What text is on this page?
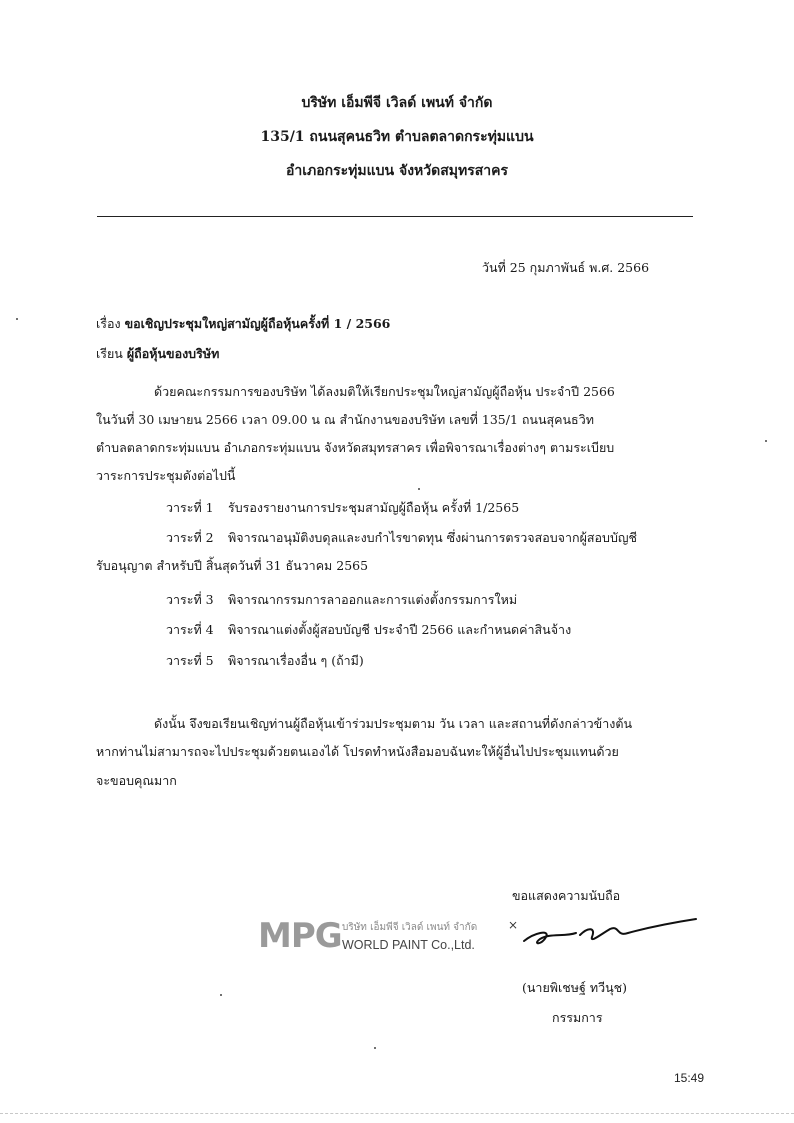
บริษัท เอ็มพีจี เวิลด์ เพนท์ จำกัด
135/1 ถนนสุคนธวิท ตำบลตลาดกระทุ่มแบน
อำเภอกระทุ่มแบน จังหวัดสมุทรสาคร
วันที่ 25 กุมภาพันธ์ พ.ศ. 2566
เรื่อง ขอเชิญประชุมใหญ่สามัญผู้ถือหุ้นครั้งที่ 1 / 2566
เรียน ผู้ถือหุ้นของบริษัท
ด้วยคณะกรรมการของบริษัท ได้ลงมติให้เรียกประชุมใหญ่สามัญผู้ถือหุ้น ประจำปี 2566
ในวันที่ 30 เมษายน 2566 เวลา 09.00 น ณ สำนักงานของบริษัท เลขที่ 135/1 ถนนสุคนธวิท
ตำบลตลาดกระทุ่มแบน อำเภอกระทุ่มแบน จังหวัดสมุทรสาคร เพื่อพิจารณาเรื่องต่างๆ ตามระเบียบ
วาระการประชุมดังต่อไปนี้
วาระที่ 1 รับรองรายงานการประชุมสามัญผู้ถือหุ้น ครั้งที่ 1/2565
วาระที่ 2 พิจารณาอนุมัติงบดุลและงบกำไรขาดทุน ซึ่งผ่านการตรวจสอบจากผู้สอบบัญชี
รับอนุญาต สำหรับปี สิ้นสุดวันที่ 31 ธันวาคม 2565
วาระที่ 3 พิจารณากรรมการลาออกและการแต่งตั้งกรรมการใหม่
วาระที่ 4 พิจารณาแต่งตั้งผู้สอบบัญชี ประจำปี 2566 และกำหนดค่าสินจ้าง
วาระที่ 5 พิจารณาเรื่องอื่น ๆ (ถ้ามี)
ดังนั้น จึงขอเรียนเชิญท่านผู้ถือหุ้นเข้าร่วมประชุมตาม วัน เวลา และสถานที่ดังกล่าวข้างต้น
หากท่านไม่สามารถจะไปประชุมด้วยตนเองได้ โปรดทำหนังสือมอบฉันทะให้ผู้อื่นไปประชุมแทนด้วย
จะขอบคุณมาก
ขอแสดงความนับถือ
MPG บริษัท เอ็มพีจี เวิลด์ เพนท์ จำกัด
WORLD PAINT Co.,Ltd.
×
(นายพิเชษฐ์ ทวีนุช)
กรรมการ
15:49
